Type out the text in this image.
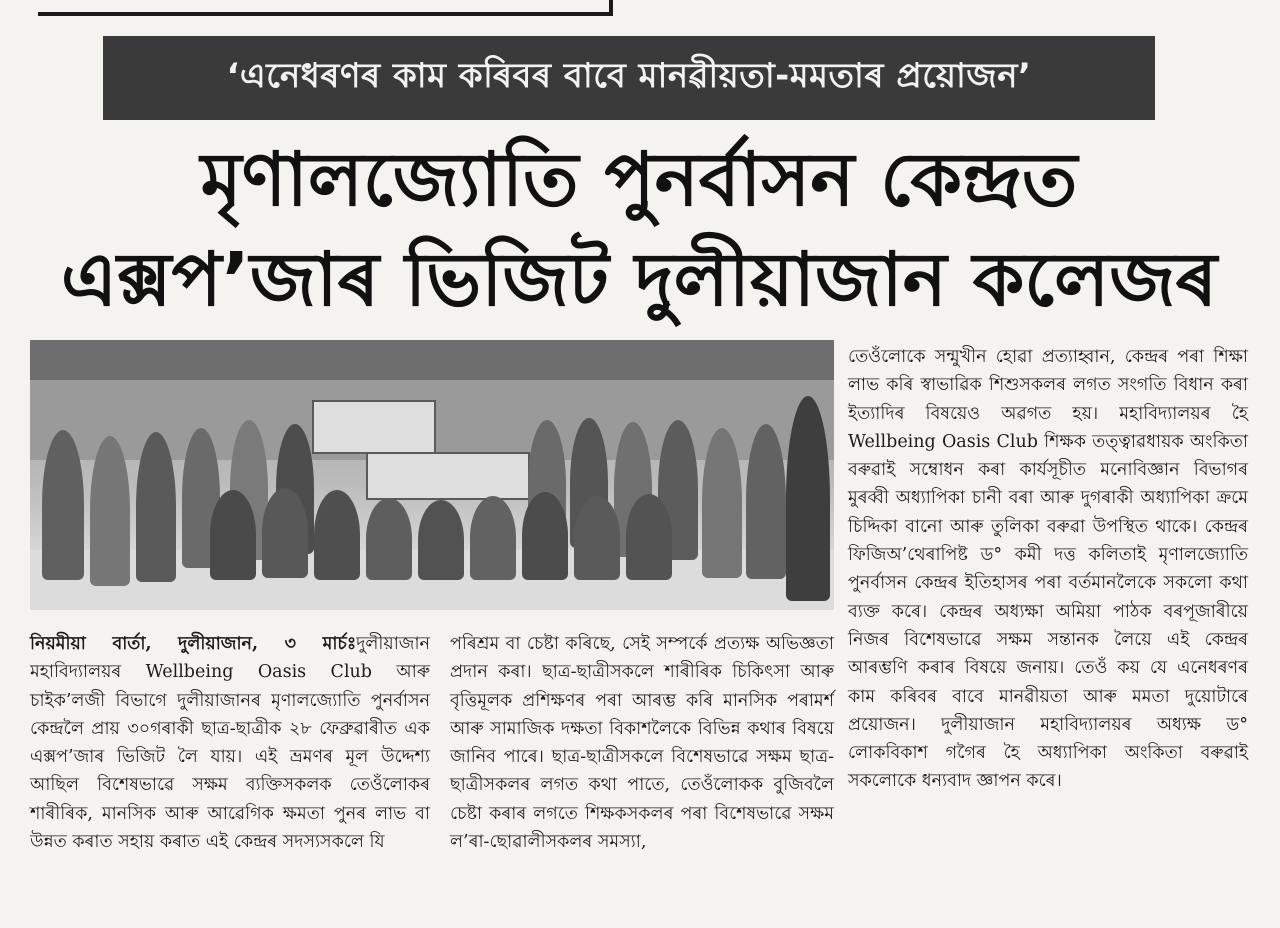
‘এনেধৰণৰ কাম কৰিবৰ বাবে মানৱীয়তা-মমতাৰ প্ৰয়োজন’
মৃণালজ্যোতি পুনৰ্বাসন কেন্দ্ৰত
এক্সপ’জাৰ ভিজিট দুলীয়াজান কলেজৰ

নিয়মীয়া বাৰ্তা, দুলীয়াজান, ৩ মাৰ্চঃদুলীয়াজান মহাবিদ্যালয়ৰ Wellbeing Oasis Club আৰু চাইক’লজী বিভাগে দুলীয়াজানৰ মৃণালজ্যোতি পুনৰ্বাসন কেন্দ্ৰলৈ প্ৰায় ৩০গৰাকী ছাত্ৰ-ছাত্ৰীক ২৮ ফেব্ৰুৱাৰীত এক এক্সপ’জাৰ ভিজিট লৈ যায়। এই ভ্ৰমণৰ মূল উদ্দেশ্য আছিল বিশেষভাৱে সক্ষম ব্যক্তিসকলক তেওঁলোকৰ শাৰীৰিক, মানসিক আৰু আৱেগিক ক্ষমতা পুনৰ লাভ বা উন্নত কৰাত সহায় কৰাত এই কেন্দ্ৰৰ সদস্যসকলে যি

পৰিশ্ৰম বা চেষ্টা কৰিছে, সেই সম্পৰ্কে প্ৰত্যক্ষ অভিজ্ঞতা প্ৰদান কৰা। ছাত্ৰ-ছাত্ৰীসকলে শাৰীৰিক চিকিৎসা আৰু বৃত্তিমূলক প্ৰশিক্ষণৰ পৰা আৰম্ভ কৰি মানসিক পৰামৰ্শ আৰু সামাজিক দক্ষতা বিকাশলৈকে বিভিন্ন কথাৰ বিষয়ে জানিব পাৰে। ছাত্ৰ-ছাত্ৰীসকলে বিশেষভাৱে সক্ষম ছাত্ৰ-ছাত্ৰীসকলৰ লগত কথা পাতে, তেওঁলোকক বুজিবলৈ চেষ্টা কৰাৰ লগতে শিক্ষকসকলৰ পৰা বিশেষভাৱে সক্ষম ল’ৰা-ছোৱালীসকলৰ সমস্যা,

তেওঁলোকে সন্মুখীন হোৱা প্ৰত্যাহ্বান, কেন্দ্ৰৰ পৰা শিক্ষা লাভ কৰি স্বাভাৱিক শিশুসকলৰ লগত সংগতি বিধান কৰা ইত্যাদিৰ বিষয়েও অৱগত হয়। মহাবিদ্যালয়ৰ হৈ Wellbeing Oasis Club শিক্ষক তত্ত্বাৱধায়ক অংকিতা বৰুৱাই সম্বোধন কৰা কাৰ্যসূচীত মনোবিজ্ঞান বিভাগৰ মুৰব্বী অধ্যাপিকা চানী বৰা আৰু দুগৰাকী অধ্যাপিকা ক্ৰমে চিদ্দিকা বানো আৰু তুলিকা বৰুৱা উপস্থিত থাকে। কেন্দ্ৰৰ ফিজিঅ’থেৰাপিষ্ট ড° কমী দত্ত কলিতাই মৃণালজ্যোতি পুনৰ্বাসন কেন্দ্ৰৰ ইতিহাসৰ পৰা বৰ্তমানলৈকে সকলো কথা ব্যক্ত কৰে। কেন্দ্ৰৰ অধ্যক্ষা অমিয়া পাঠক বৰপূজাৰীয়ে নিজৰ বিশেষভাৱে সক্ষম সন্তানক লৈয়ে এই কেন্দ্ৰৰ আৰম্ভণি কৰাৰ বিষয়ে জনায়। তেওঁ কয় যে এনেধৰণৰ কাম কৰিবৰ বাবে মানৱীয়তা আৰু মমতা দুয়োটাৰে প্ৰয়োজন। দুলীয়াজান মহাবিদ্যালয়ৰ অধ্যক্ষ ড° লোকবিকাশ গগৈৰ হৈ অধ্যাপিকা অংকিতা বৰুৱাই সকলোকে ধন্যবাদ জ্ঞাপন কৰে।
